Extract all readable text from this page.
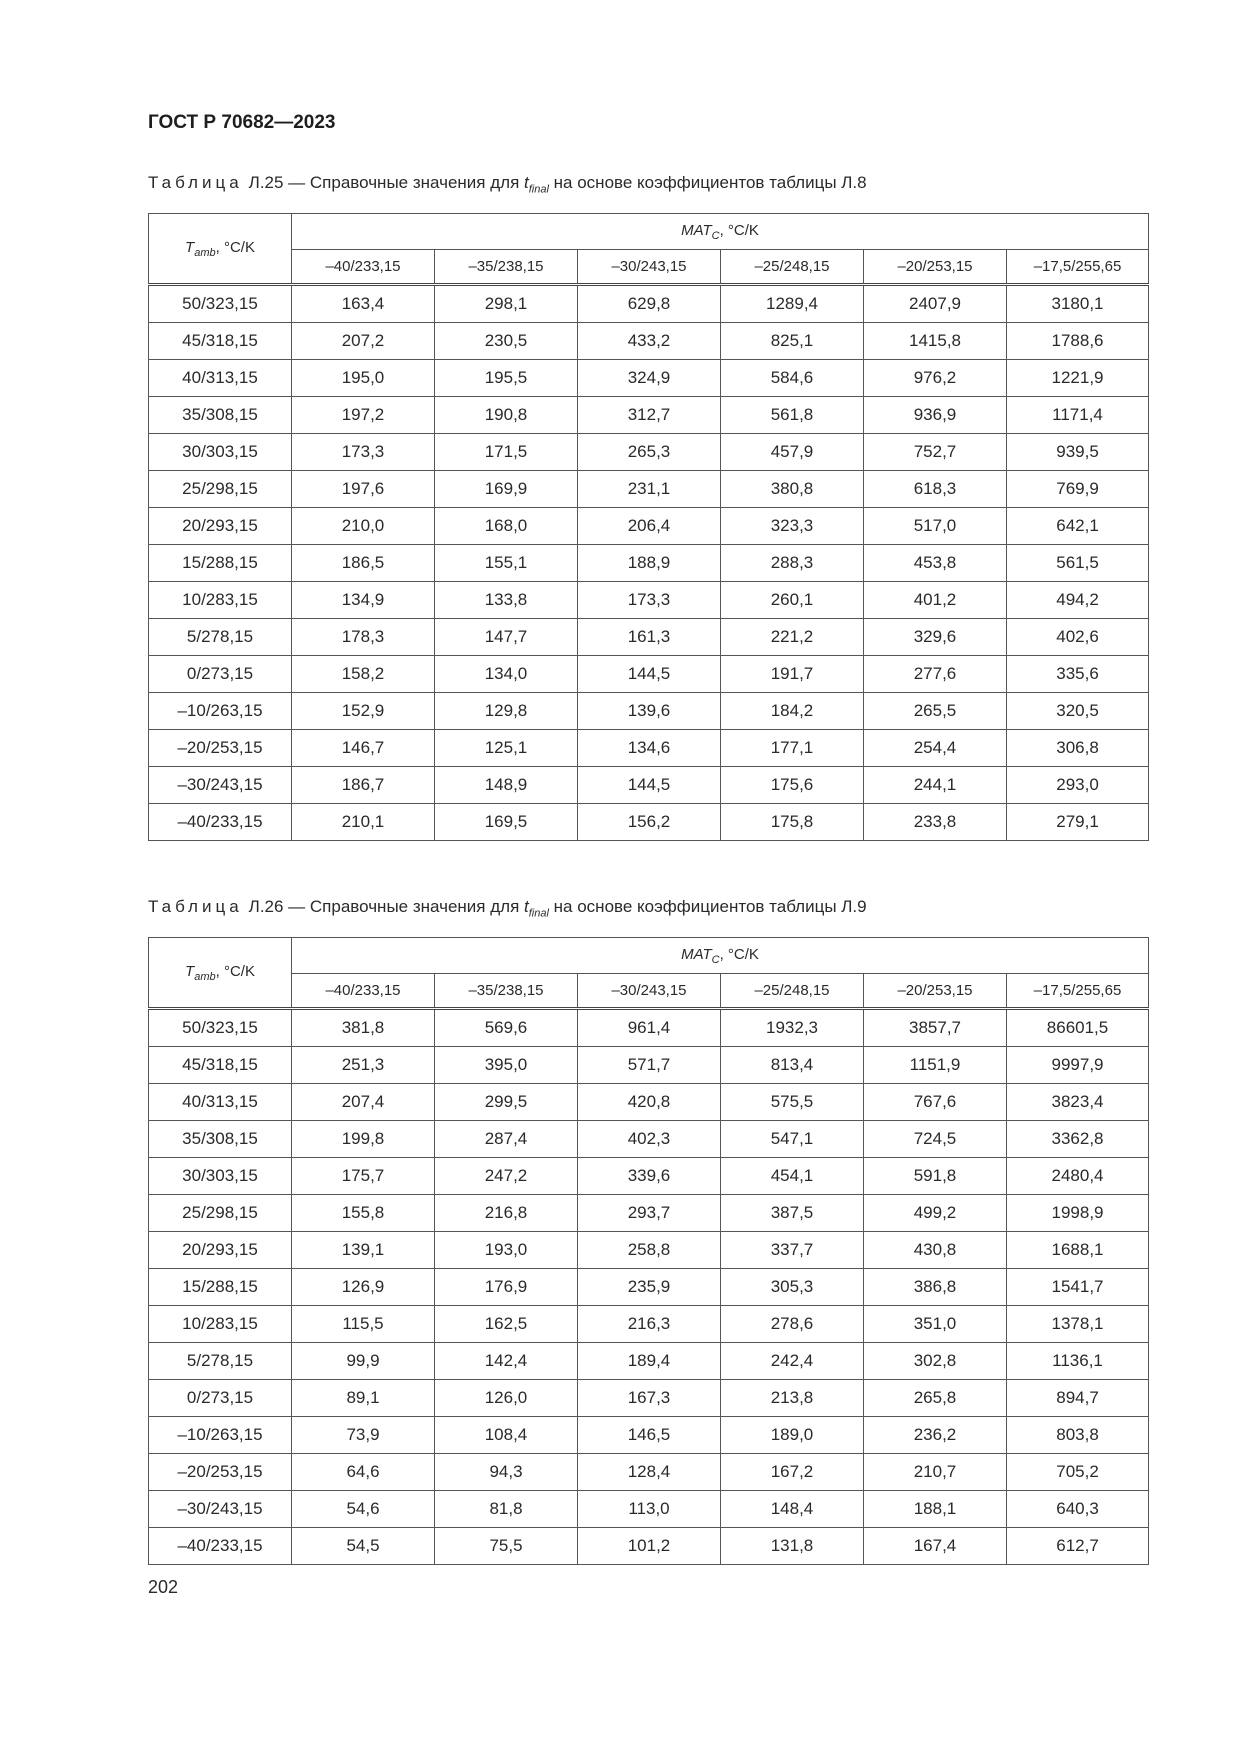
ГОСТ Р 70682—2023
Таблица Л.25 — Справочные значения для $t_{final}$ на основе коэффициентов таблицы Л.8
$T_{amb}$, °C/K	$MAT_C$, °C/K					
	–40/233,15	–35/238,15	–30/243,15	–25/248,15	–20/253,15	–17,5/255,65
50/323,15	163,4	298,1	629,8	1289,4	2407,9	3180,1
45/318,15	207,2	230,5	433,2	825,1	1415,8	1788,6
40/313,15	195,0	195,5	324,9	584,6	976,2	1221,9
35/308,15	197,2	190,8	312,7	561,8	936,9	1171,4
30/303,15	173,3	171,5	265,3	457,9	752,7	939,5
25/298,15	197,6	169,9	231,1	380,8	618,3	769,9
20/293,15	210,0	168,0	206,4	323,3	517,0	642,1
15/288,15	186,5	155,1	188,9	288,3	453,8	561,5
10/283,15	134,9	133,8	173,3	260,1	401,2	494,2
5/278,15	178,3	147,7	161,3	221,2	329,6	402,6
0/273,15	158,2	134,0	144,5	191,7	277,6	335,6
–10/263,15	152,9	129,8	139,6	184,2	265,5	320,5
–20/253,15	146,7	125,1	134,6	177,1	254,4	306,8
–30/243,15	186,7	148,9	144,5	175,6	244,1	293,0
–40/233,15	210,1	169,5	156,2	175,8	233,8	279,1
Таблица Л.26 — Справочные значения для $t_{final}$ на основе коэффициентов таблицы Л.9
$T_{amb}$, °C/K	$MAT_C$, °C/K					
	–40/233,15	–35/238,15	–30/243,15	–25/248,15	–20/253,15	–17,5/255,65
50/323,15	381,8	569,6	961,4	1932,3	3857,7	86601,5
45/318,15	251,3	395,0	571,7	813,4	1151,9	9997,9
40/313,15	207,4	299,5	420,8	575,5	767,6	3823,4
35/308,15	199,8	287,4	402,3	547,1	724,5	3362,8
30/303,15	175,7	247,2	339,6	454,1	591,8	2480,4
25/298,15	155,8	216,8	293,7	387,5	499,2	1998,9
20/293,15	139,1	193,0	258,8	337,7	430,8	1688,1
15/288,15	126,9	176,9	235,9	305,3	386,8	1541,7
10/283,15	115,5	162,5	216,3	278,6	351,0	1378,1
5/278,15	99,9	142,4	189,4	242,4	302,8	1136,1
0/273,15	89,1	126,0	167,3	213,8	265,8	894,7
–10/263,15	73,9	108,4	146,5	189,0	236,2	803,8
–20/253,15	64,6	94,3	128,4	167,2	210,7	705,2
–30/243,15	54,6	81,8	113,0	148,4	188,1	640,3
–40/233,15	54,5	75,5	101,2	131,8	167,4	612,7
202
